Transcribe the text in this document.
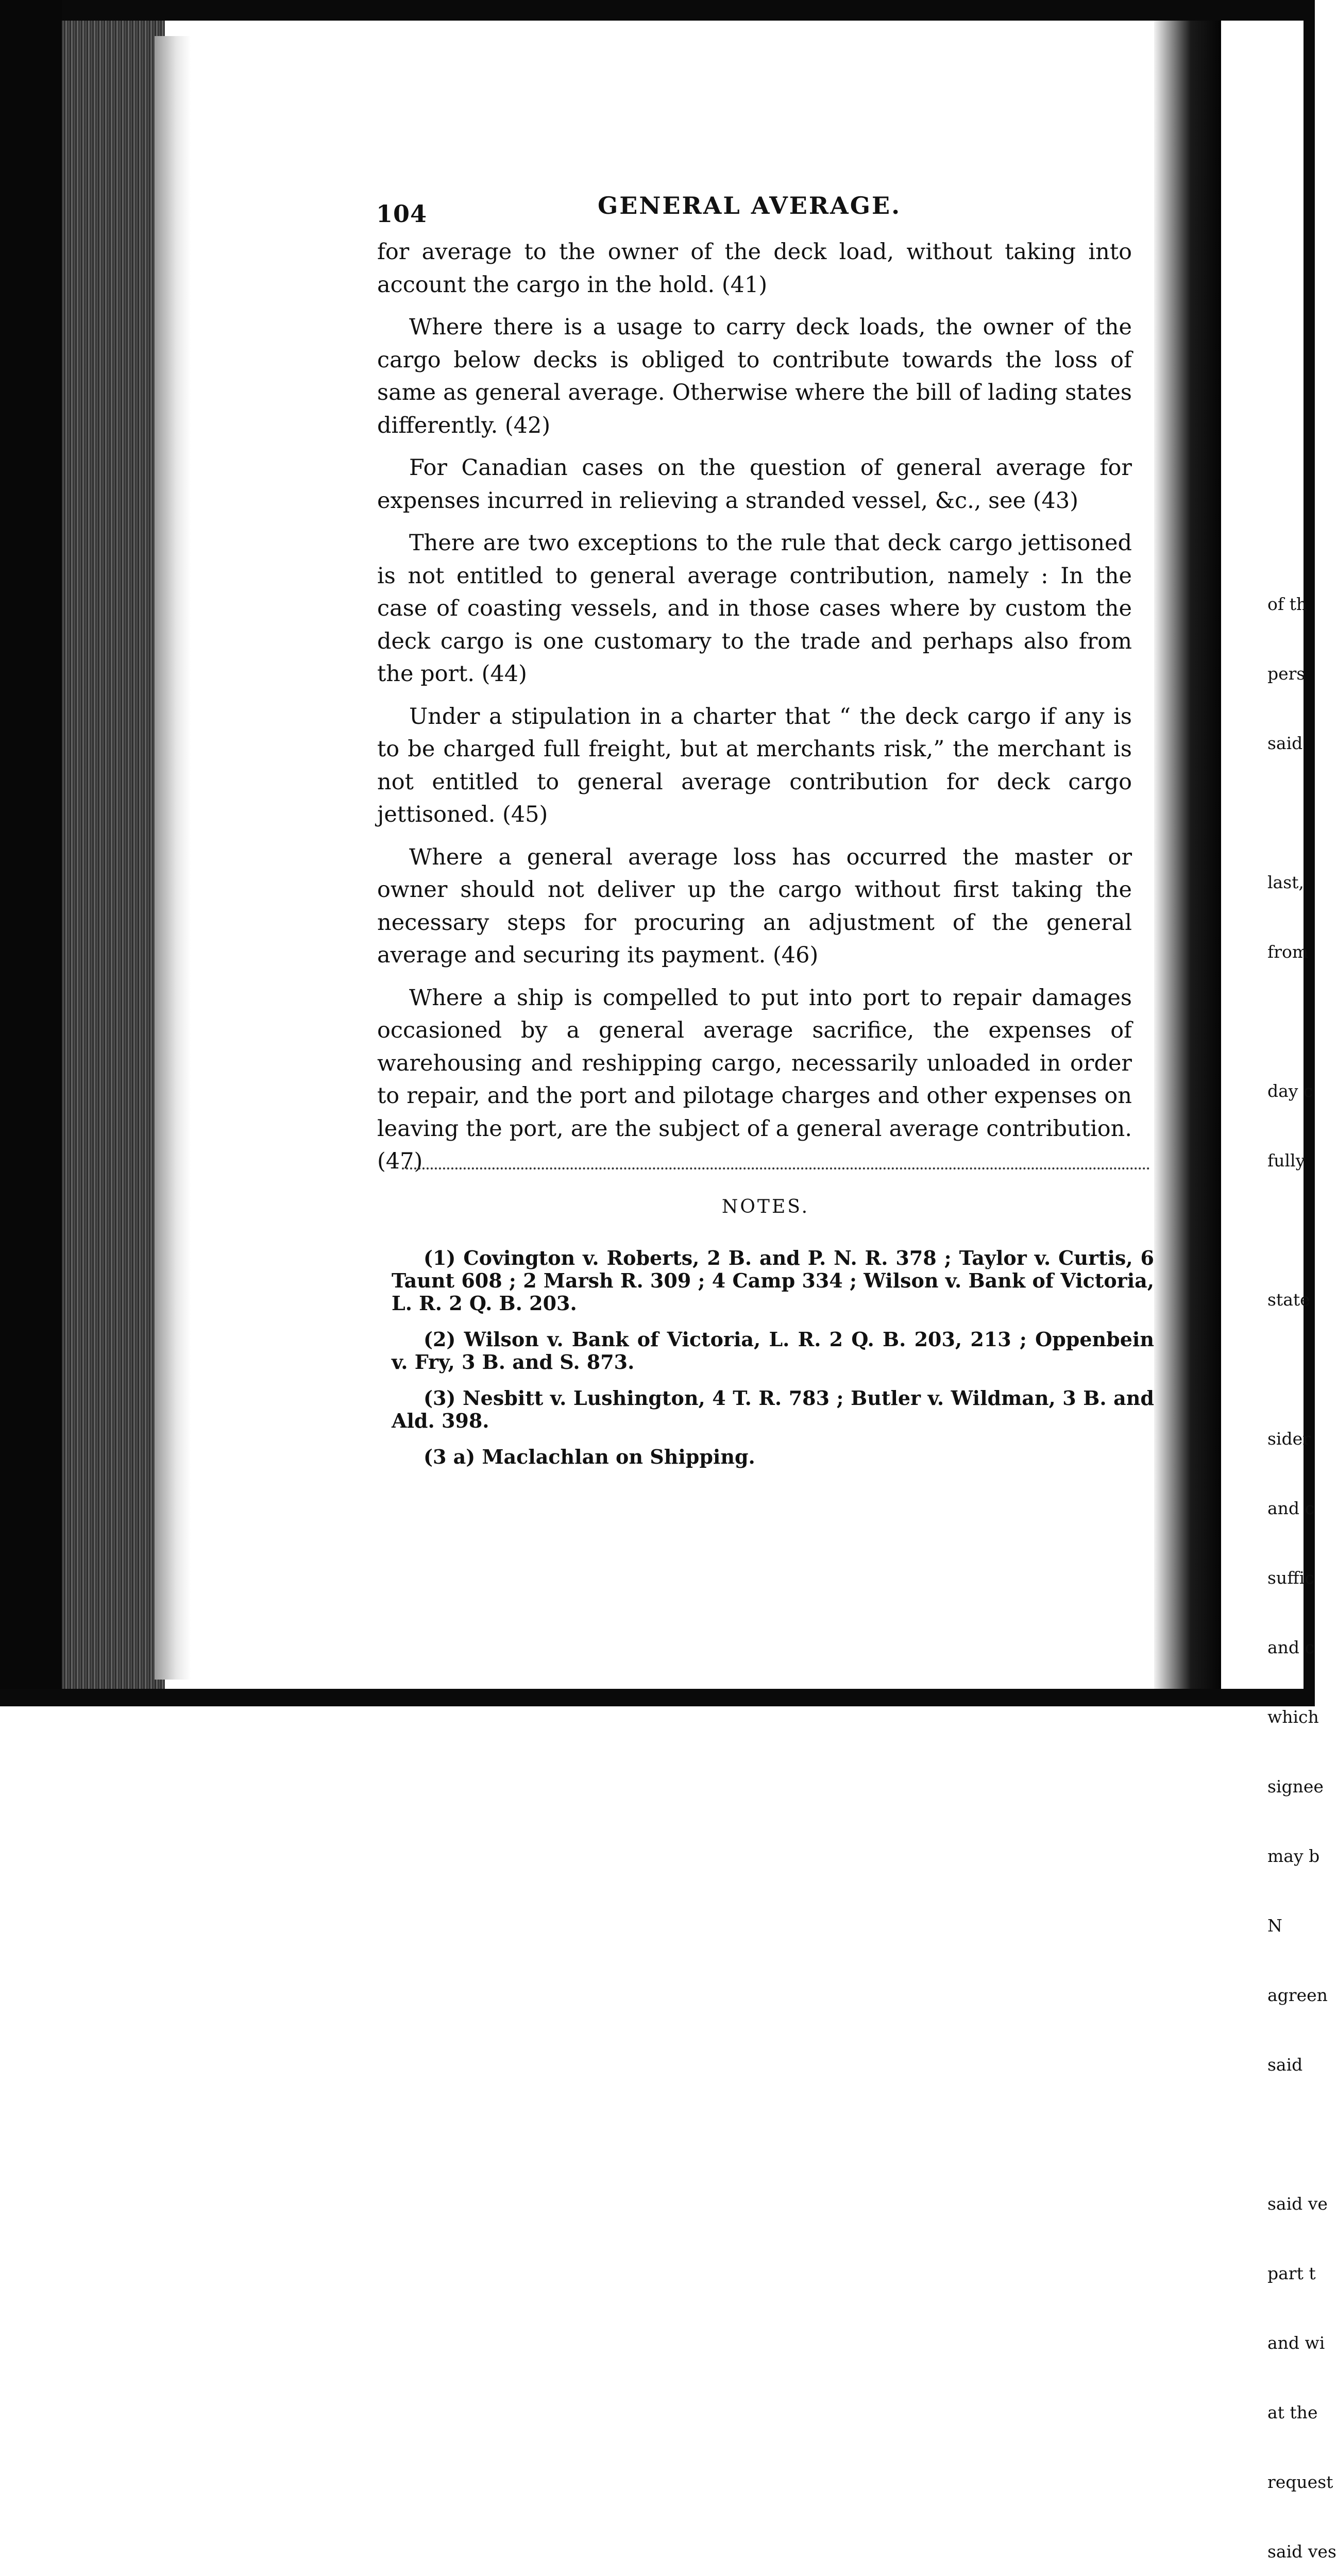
104	GENERAL AVERAGE.

for average to the owner of the deck load, without taking into account the cargo in the hold. (41)

Where there is a usage to carry deck loads, the owner of the cargo below decks is obliged to contribute towards the loss of same as general average. Otherwise where the bill of lading states differently. (42)

For Canadian cases on the question of general average for expenses incurred in relieving a stranded vessel, &c., see (43)

There are two exceptions to the rule that deck cargo jettisoned is not entitled to general average contribution, namely : In the case of coasting vessels, and in those cases where by custom the deck cargo is one customary to the trade and perhaps also from the port. (44)

Under a stipulation in a charter that “ the deck cargo if any is to be charged full freight, but at merchants risk,” the merchant is not entitled to general average contribution for deck cargo jettisoned. (45)

Where a general average loss has occurred the master or owner should not deliver up the cargo without first taking the necessary steps for procuring an adjustment of the general average and securing its payment. (46)

Where a ship is compelled to put into port to repair damages occasioned by a general average sacrifice, the expenses of warehousing and reshipping cargo, necessarily unloaded in order to repair, and the port and pilotage charges and other expenses on leaving the port, are the subject of a general average contribution. (47)

NOTES.

(1) Covington v. Roberts, 2 B. and P. N. R. 378 ; Taylor v. Curtis, 6 Taunt 608 ; 2 Marsh R. 309 ; 4 Camp 334 ; Wilson v. Bank of Victoria, L. R. 2 Q. B. 203.

(2) Wilson v. Bank of Victoria, L. R. 2 Q. B. 203, 213 ; Oppenbein v. Fry, 3 B. and S. 873.

(3) Nesbitt v. Lushington, 4 T. R. 783 ; Butler v. Wildman, 3 B. and Ald. 398.

(3 a) Maclachlan on Shipping.

of th

pers

said

last,

from

day c

fully

state

sider

and c

suffic

and c

which

signee

may b

N

agreen

said

said ve

part t

and wi

at the

request

said ves
